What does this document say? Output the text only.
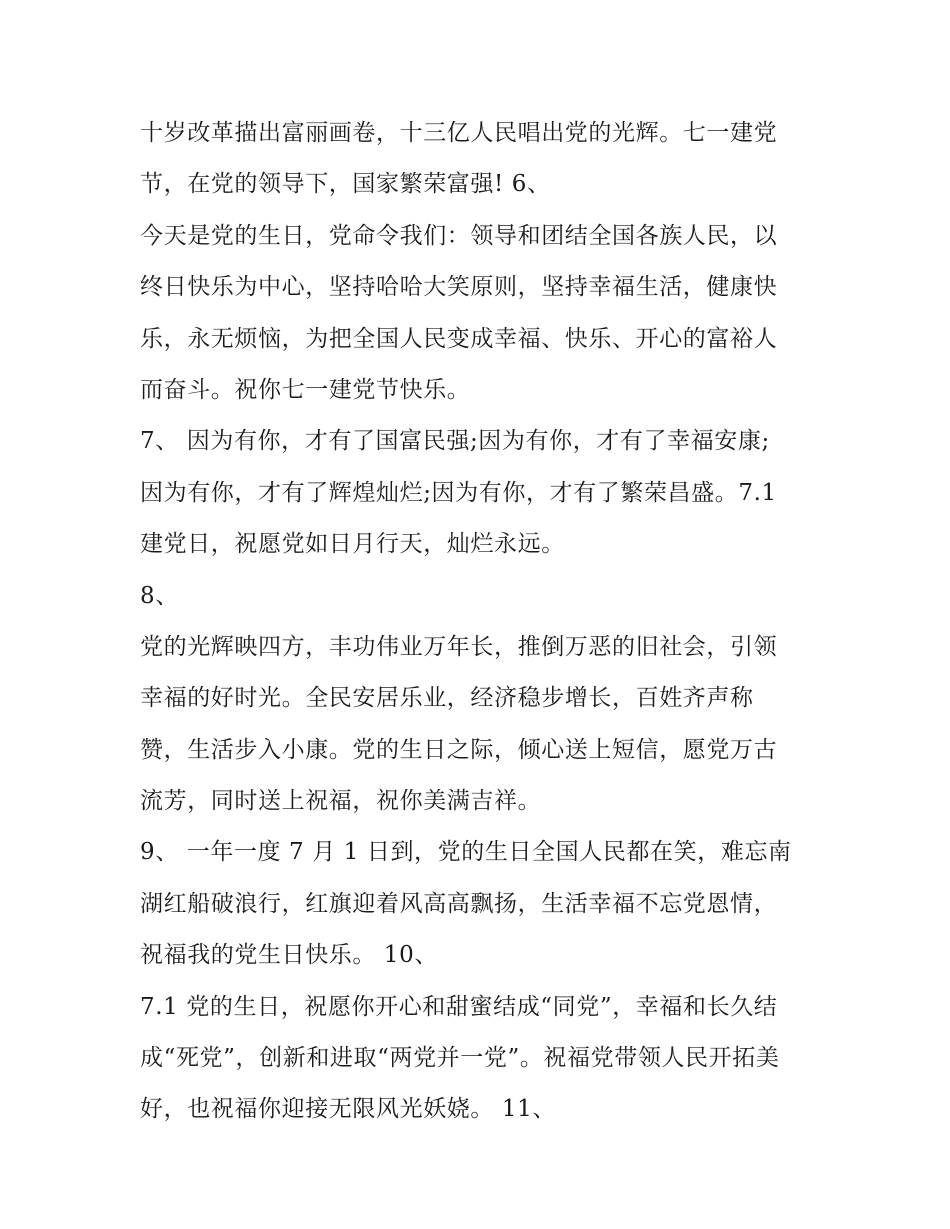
十岁改革描出富丽画卷，十三亿人民唱出党的光辉。七一建党
节，在党的领导下，国家繁荣富强! 6、
今天是党的生日，党命令我们：领导和团结全国各族人民，以
终日快乐为中心，坚持哈哈大笑原则，坚持幸福生活，健康快
乐，永无烦恼，为把全国人民变成幸福、快乐、开心的富裕人
而奋斗。祝你七一建党节快乐。
7、 因为有你，才有了国富民强;因为有你，才有了幸福安康;
因为有你，才有了辉煌灿烂;因为有你，才有了繁荣昌盛。7.1
建党日，祝愿党如日月行天，灿烂永远。
8、
党的光辉映四方，丰功伟业万年长，推倒万恶的旧社会，引领
幸福的好时光。全民安居乐业，经济稳步增长，百姓齐声称
赞，生活步入小康。党的生日之际，倾心送上短信，愿党万古
流芳，同时送上祝福，祝你美满吉祥。
9、 一年一度 7 月 1 日到，党的生日全国人民都在笑，难忘南
湖红船破浪行，红旗迎着风高高飘扬，生活幸福不忘党恩情，
祝福我的党生日快乐。 10、
7.1 党的生日，祝愿你开心和甜蜜结成“同党”，幸福和长久结
成“死党”，创新和进取“两党并一党”。祝福党带领人民开拓美
好，也祝福你迎接无限风光妖娆。 11、
